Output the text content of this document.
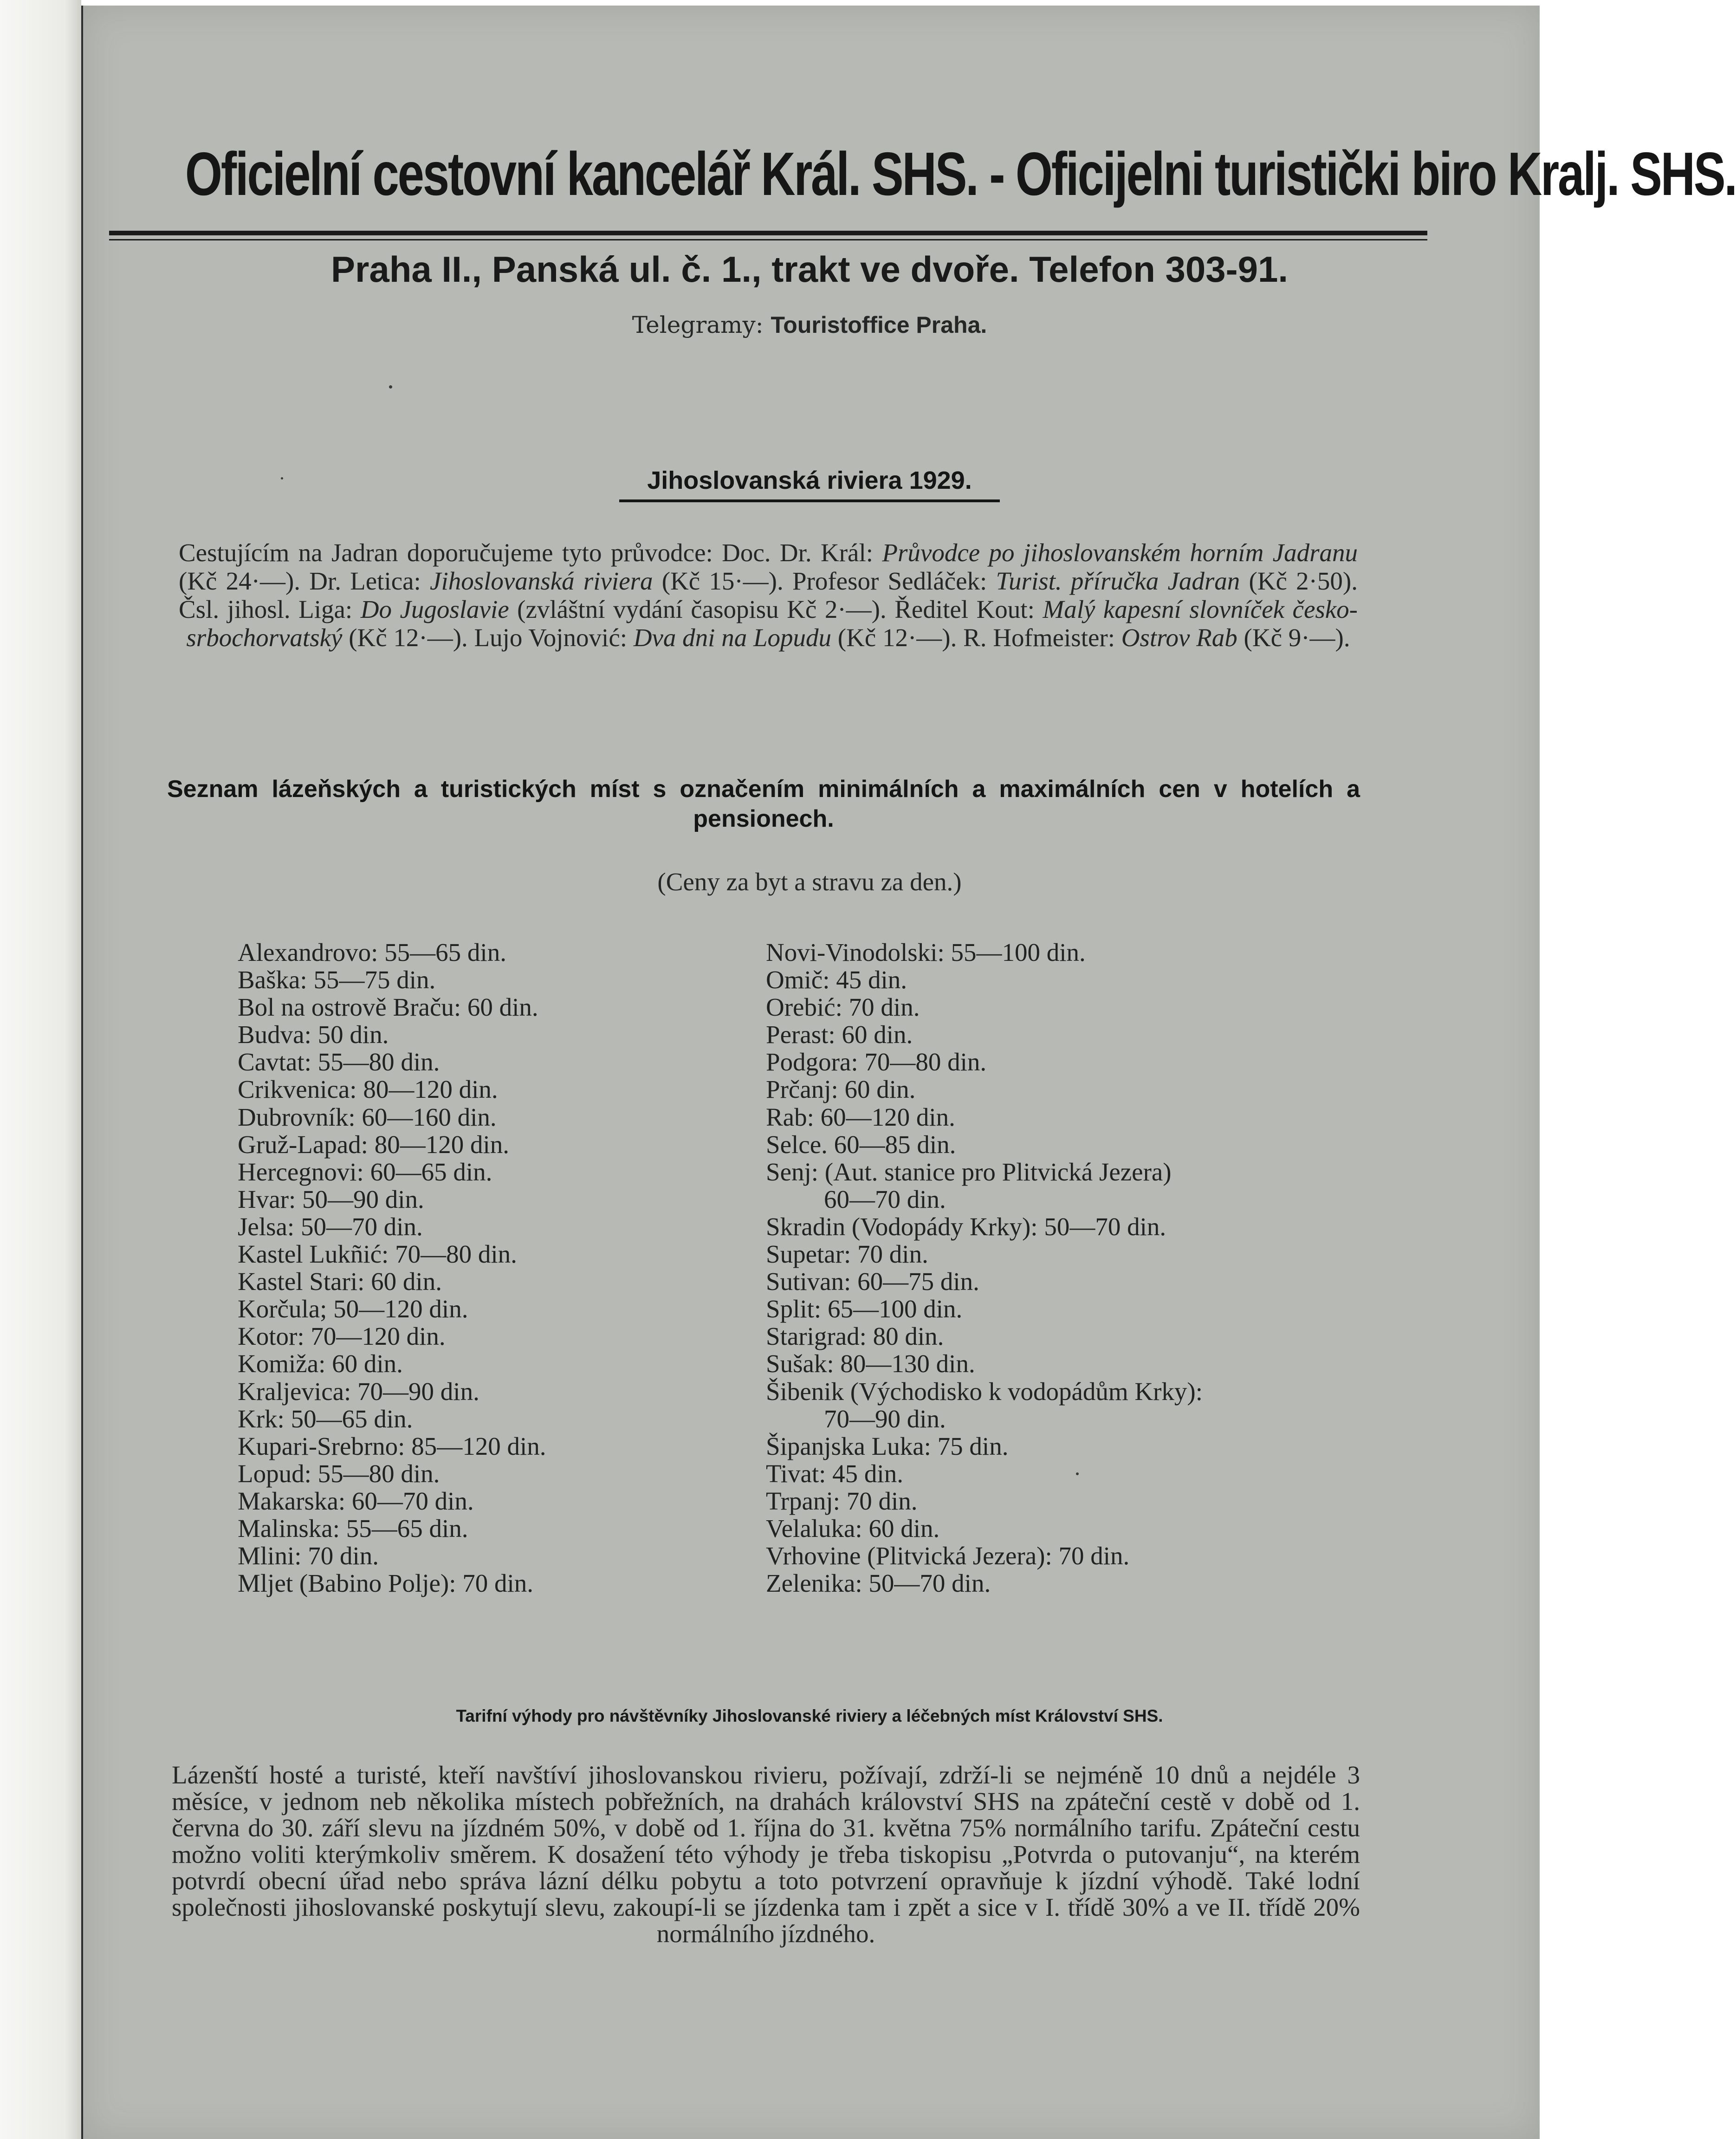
Oficielní cestovní kancelář Král. SHS. - Oficijelni turistički biro Kralj. SHS.
Praha II., Panská ul. č. 1., trakt ve dvoře. Telefon 303-91.
Telegramy: Touristoffice Praha.
Jihoslovanská riviera 1929.
Cestujícím na Jadran doporučujeme tyto průvodce: Doc. Dr. Král: Průvodce po jihoslovanském horním Jadranu (Kč 24·—). Dr. Letica: Jihoslovanská riviera (Kč 15·—). Profesor Sedláček: Turist. příručka Jadran (Kč 2·50). Čsl. jihosl. Liga: Do Jugoslavie (zvláštní vydání časopisu Kč 2·—). Ředitel Kout: Malý kapesní slovníček česko-srbochorvatský (Kč 12·—). Lujo Vojnović: Dva dni na Lopudu (Kč 12·—). R. Hofmeister: Ostrov Rab (Kč 9·—).
Seznam lázeňských a turistických míst s označením minimálních a maximálních cen v hotelích a pensionech.
(Ceny za byt a stravu za den.)
Alexandrovo: 55—65 din.
Baška: 55—75 din.
Bol na ostrově Braču: 60 din.
Budva: 50 din.
Cavtat: 55—80 din.
Crikvenica: 80—120 din.
Dubrovník: 60—160 din.
Gruž-Lapad: 80—120 din.
Hercegnovi: 60—65 din.
Hvar: 50—90 din.
Jelsa: 50—70 din.
Kastel Lukñić: 70—80 din.
Kastel Stari: 60 din.
Korčula; 50—120 din.
Kotor: 70—120 din.
Komiža: 60 din.
Kraljevica: 70—90 din.
Krk: 50—65 din.
Kupari-Srebrno: 85—120 din.
Lopud: 55—80 din.
Makarska: 60—70 din.
Malinska: 55—65 din.
Mlini: 70 din.
Mljet (Babino Polje): 70 din.
Novi-Vinodolski: 55—100 din.
Omič: 45 din.
Orebić: 70 din.
Perast: 60 din.
Podgora: 70—80 din.
Prčanj: 60 din.
Rab: 60—120 din.
Selce. 60—85 din.
Senj: (Aut. stanice pro Plitvická Jezera)
60—70 din.
Skradin (Vodopády Krky): 50—70 din.
Supetar: 70 din.
Sutivan: 60—75 din.
Split: 65—100 din.
Starigrad: 80 din.
Sušak: 80—130 din.
Šibenik (Východisko k vodopádům Krky):
70—90 din.
Šipanjska Luka: 75 din.
Tivat: 45 din.
Trpanj: 70 din.
Velaluka: 60 din.
Vrhovine (Plitvická Jezera): 70 din.
Zelenika: 50—70 din.
Tarifní výhody pro návštěvníky Jihoslovanské riviery a léčebných míst Království SHS.
Lázenští hosté a turisté, kteří navštíví jihoslovanskou rivieru, požívají, zdrží-li se nejméně 10 dnů a nejdéle 3 měsíce, v jednom neb několika místech pobřežních, na drahách království SHS na zpáteční cestě v době od 1. června do 30. září slevu na jízdném 50%, v době od 1. října do 31. května 75% normálního tarifu. Zpáteční cestu možno voliti kterýmkoliv směrem. K dosažení této výhody je třeba tiskopisu „Potvrda o putovanju“, na kterém potvrdí obecní úřad nebo správa lázní délku pobytu a toto potvrzení opravňuje k jízdní výhodě. Také lodní společnosti jihoslovanské poskytují slevu, zakoupí-li se jízdenka tam i zpět a sice v I. třídě 30% a ve II. třídě 20% normálního jízdného.
